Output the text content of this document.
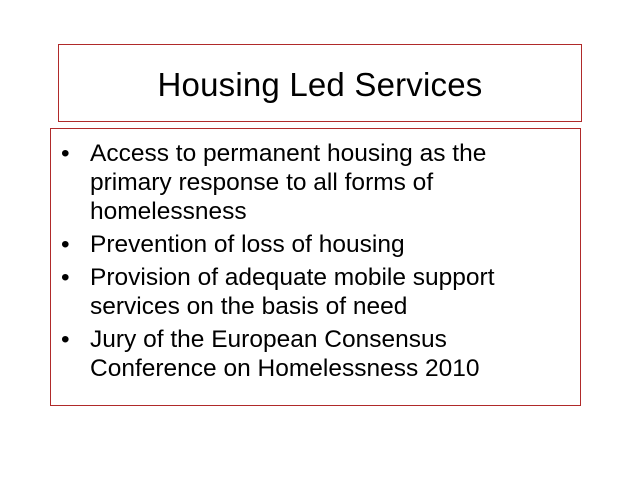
Housing Led Services
• Access to permanent housing as the primary response to all forms of homelessness
• Prevention of loss of housing
• Provision of adequate mobile support services on the basis of need
• Jury of the European Consensus Conference on Homelessness 2010
